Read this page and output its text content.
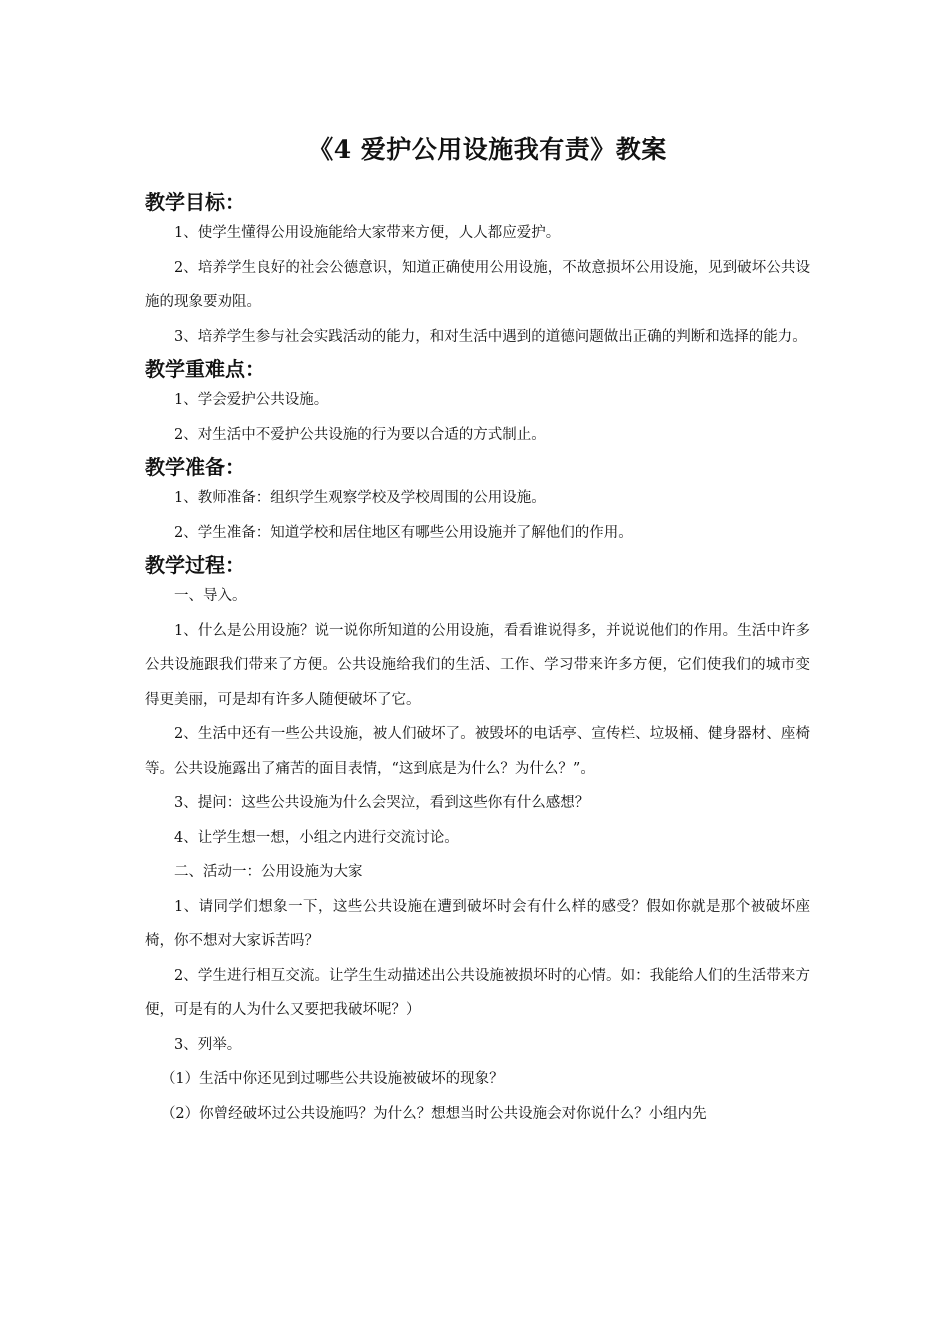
《4 爱护公用设施我有责》教案
教学目标：

1、使学生懂得公用设施能给大家带来方便，人人都应爱护。

2、培养学生良好的社会公德意识，知道正确使用公用设施，不故意损坏公用设施，见到破坏公共设施的现象要劝阻。

3、培养学生参与社会实践活动的能力，和对生活中遇到的道德问题做出正确的判断和选择的能力。

教学重难点：

1、学会爱护公共设施。

2、对生活中不爱护公共设施的行为要以合适的方式制止。

教学准备：

1、教师准备：组织学生观察学校及学校周围的公用设施。

2、学生准备：知道学校和居住地区有哪些公用设施并了解他们的作用。

教学过程：

一、导入。

1、什么是公用设施？说一说你所知道的公用设施，看看谁说得多，并说说他们的作用。生活中许多公共设施跟我们带来了方便。公共设施给我们的生活、工作、学习带来许多方便，它们使我们的城市变得更美丽，可是却有许多人随便破坏了它。

2、生活中还有一些公共设施，被人们破坏了。被毁坏的电话亭、宣传栏、垃圾桶、健身器材、座椅等。公共设施露出了痛苦的面目表情，“这到底是为什么？为什么？”。

3、提问：这些公共设施为什么会哭泣，看到这些你有什么感想？

4、让学生想一想，小组之内进行交流讨论。

二、活动一：公用设施为大家

1、请同学们想象一下，这些公共设施在遭到破坏时会有什么样的感受？假如你就是那个被破坏座椅，你不想对大家诉苦吗？

2、学生进行相互交流。让学生生动描述出公共设施被损坏时的心情。如：我能给人们的生活带来方便，可是有的人为什么又要把我破坏呢？）

3、列举。

（1）生活中你还见到过哪些公共设施被破坏的现象？

（2）你曾经破坏过公共设施吗？为什么？想想当时公共设施会对你说什么？小组内先
